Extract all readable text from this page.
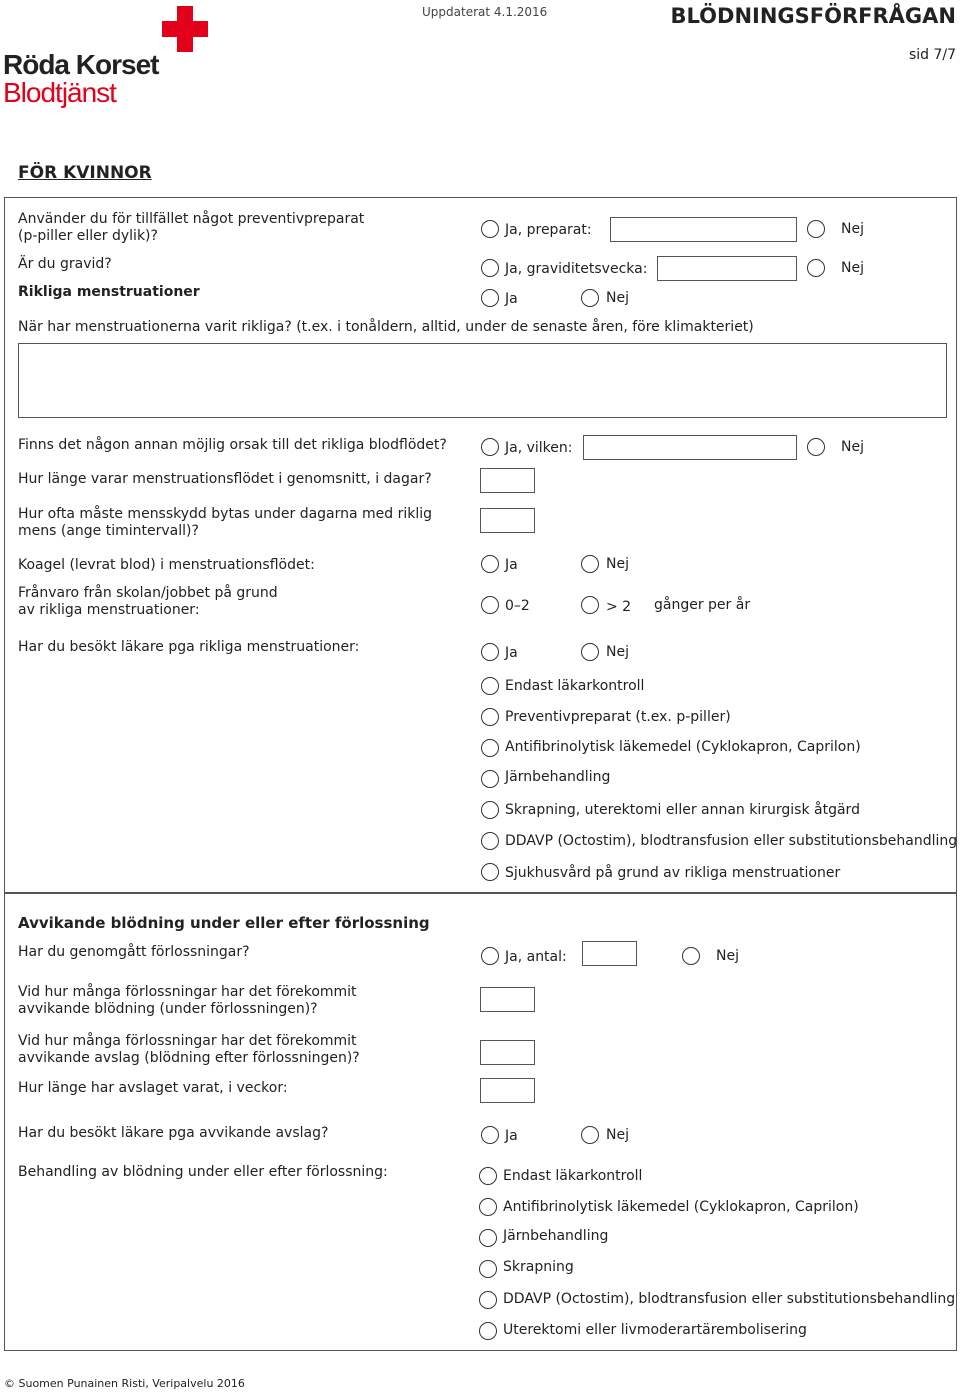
Röda Korset
Blodtjänst
Uppdaterat 4.1.2016	BLÖDNINGSFÖRFRÅGAN
sid 7/7
FÖR KVINNOR
Använder du för tillfället något preventivpreparat
(p-piller eller dylik)?	Ja, preparat:	Nej
Är du gravid?	Ja, graviditetsvecka:	Nej
Rikliga menstruationer	Ja	Nej
När har menstruationerna varit rikliga? (t.ex. i tonåldern, alltid, under de senaste åren, före klimakteriet)
Finns det någon annan möjlig orsak till det rikliga blodflödet?	Ja, vilken:	Nej
Hur länge varar menstruationsflödet i genomsnitt, i dagar?
Hur ofta måste mensskydd bytas under dagarna med riklig
mens (ange timintervall)?
Koagel (levrat blod) i menstruationsflödet:	Ja	Nej
Frånvaro från skolan/jobbet på grund
av rikliga menstruationer:	0–2	> 2 gånger per år
Har du besökt läkare pga rikliga menstruationer:	Ja	Nej
Endast läkarkontroll
Preventivpreparat (t.ex. p-piller)
Antifibrinolytisk läkemedel (Cyklokapron, Caprilon)
Järnbehandling
Skrapning, uterektomi eller annan kirurgisk åtgärd
DDAVP (Octostim), blodtransfusion eller substitutionsbehandling
Sjukhusvård på grund av rikliga menstruationer
Avvikande blödning under eller efter förlossning
Har du genomgått förlossningar?	Ja, antal:	Nej
Vid hur många förlossningar har det förekommit
avvikande blödning (under förlossningen)?
Vid hur många förlossningar har det förekommit
avvikande avslag (blödning efter förlossningen)?
Hur länge har avslaget varat, i veckor:
Har du besökt läkare pga avvikande avslag?	Ja	Nej
Behandling av blödning under eller efter förlossning:	Endast läkarkontroll
Antifibrinolytisk läkemedel (Cyklokapron, Caprilon)
Järnbehandling
Skrapning
DDAVP (Octostim), blodtransfusion eller substitutionsbehandling
Uterektomi eller livmoderartärembolisering
© Suomen Punainen Risti, Veripalvelu 2016
